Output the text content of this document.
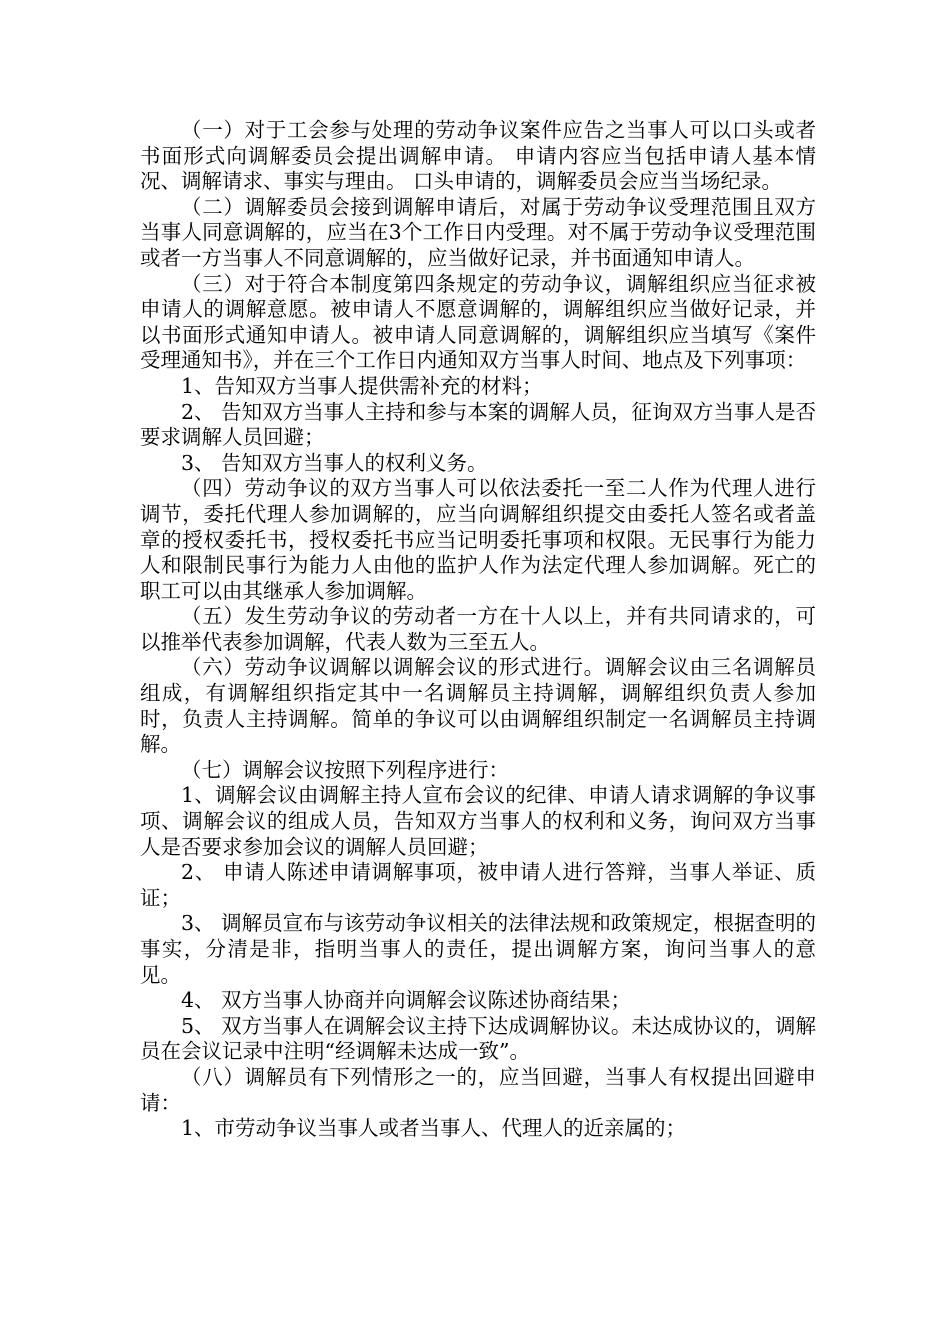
（一）对于工会参与处理的劳动争议案件应告之当事人可以口头或者书面形式向调解委员会提出调解申请。 申请内容应当包括申请人基本情况、调解请求、事实与理由。 口头申请的，调解委员会应当当场纪录。

（二）调解委员会接到调解申请后，对属于劳动争议受理范围且双方当事人同意调解的，应当在3个工作日内受理。对不属于劳动争议受理范围或者一方当事人不同意调解的，应当做好记录，并书面通知申请人。

（三）对于符合本制度第四条规定的劳动争议，调解组织应当征求被申请人的调解意愿。被申请人不愿意调解的，调解组织应当做好记录，并以书面形式通知申请人。被申请人同意调解的，调解组织应当填写《案件受理通知书》，并在三个工作日内通知双方当事人时间、地点及下列事项：

1、告知双方当事人提供需补充的材料；

2、 告知双方当事人主持和参与本案的调解人员，征询双方当事人是否要求调解人员回避；

3、 告知双方当事人的权利义务。

（四）劳动争议的双方当事人可以依法委托一至二人作为代理人进行调节，委托代理人参加调解的，应当向调解组织提交由委托人签名或者盖章的授权委托书，授权委托书应当记明委托事项和权限。无民事行为能力人和限制民事行为能力人由他的监护人作为法定代理人参加调解。死亡的职工可以由其继承人参加调解。

（五）发生劳动争议的劳动者一方在十人以上，并有共同请求的，可以推举代表参加调解，代表人数为三至五人。

（六）劳动争议调解以调解会议的形式进行。调解会议由三名调解员组成，有调解组织指定其中一名调解员主持调解，调解组织负责人参加时，负责人主持调解。简单的争议可以由调解组织制定一名调解员主持调解。

（七）调解会议按照下列程序进行：

1、调解会议由调解主持人宣布会议的纪律、申请人请求调解的争议事项、调解会议的组成人员，告知双方当事人的权利和义务，询问双方当事人是否要求参加会议的调解人员回避；

2、 申请人陈述申请调解事项，被申请人进行答辩，当事人举证、质证；

3、 调解员宣布与该劳动争议相关的法律法规和政策规定，根据查明的事实，分清是非，指明当事人的责任，提出调解方案，询问当事人的意见。

4、 双方当事人协商并向调解会议陈述协商结果；

5、 双方当事人在调解会议主持下达成调解协议。未达成协议的，调解员在会议记录中注明“经调解未达成一致”。

（八）调解员有下列情形之一的，应当回避，当事人有权提出回避申请：

1、市劳动争议当事人或者当事人、代理人的近亲属的；
